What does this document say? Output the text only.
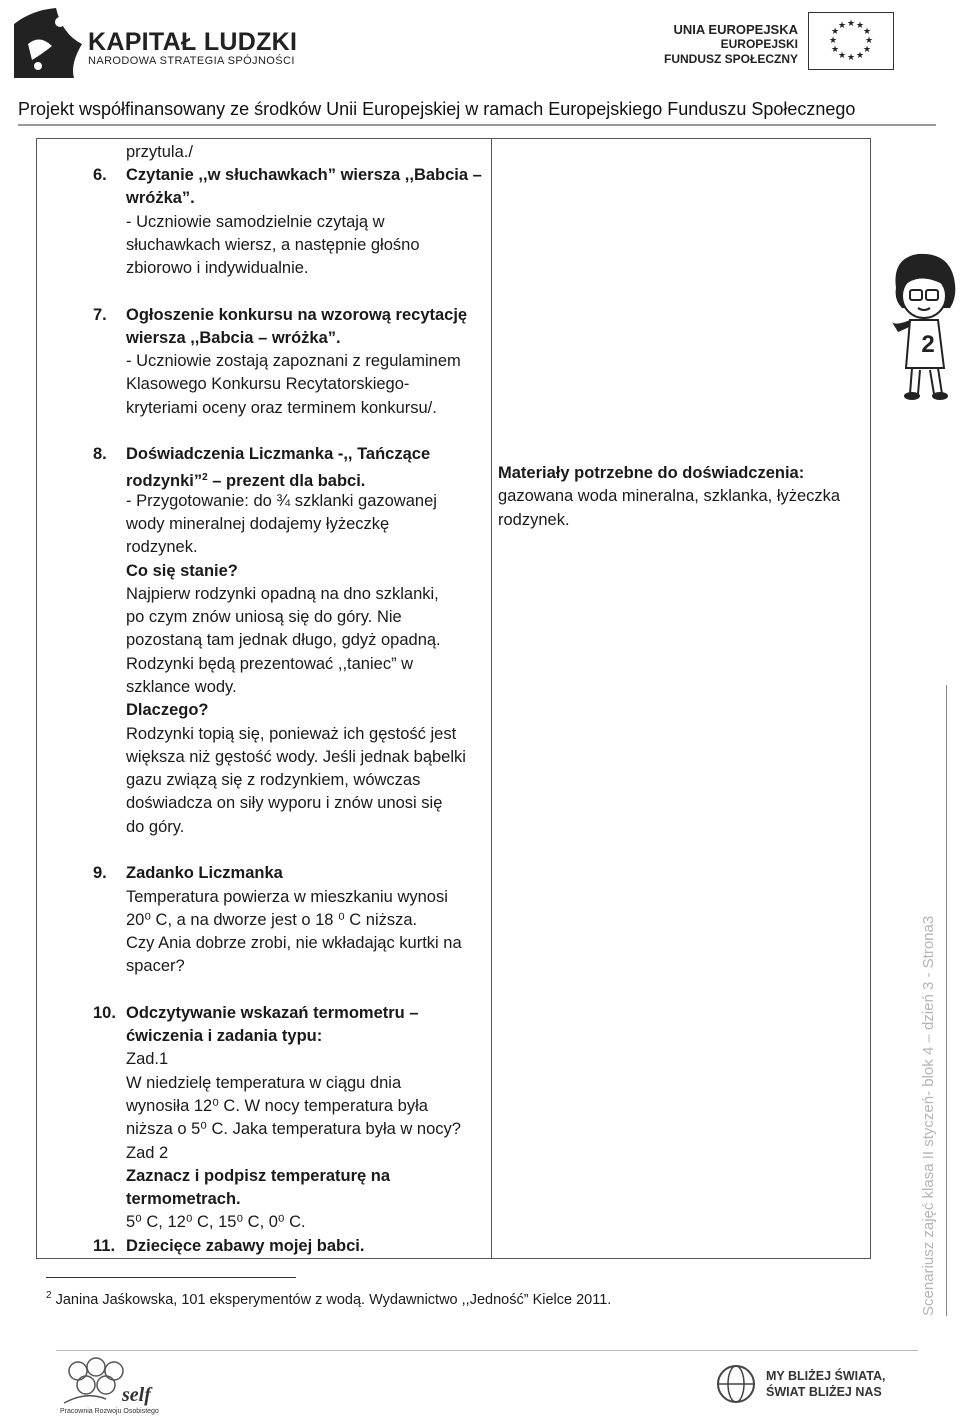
KAPITAŁ LUDZKI
NARODOWA STRATEGIA SPÓJNOŚCI
UNIA EUROPEJSKA
EUROPEJSKI
FUNDUSZ SPOŁECZNY
★ ★
★
★
★
★
★
★
★
★
★
★
Projekt współfinansowany ze środków Unii Europejskiej w ramach Europejskiego Funduszu Społecznego
przytula./
6. Czytanie ,,w słuchawkach” wiersza ,,Babcia –
wróżka”.
- Uczniowie samodzielnie czytają w
słuchawkach wiersz, a następnie głośno
zbiorowo i indywidualnie.
7. Ogłoszenie konkursu na wzorową recytację
wiersza ,,Babcia – wróżka”.
- Uczniowie zostają zapoznani z regulaminem
Klasowego Konkursu Recytatorskiego-
kryteriami oceny oraz terminem konkursu/.
8. Doświadczenia Liczmanka -,, Tańczące
rodzynki”$^2$ – prezent dla babci.
- Przygotowanie: do ¾ szklanki gazowanej
wody mineralnej dodajemy łyżeczkę
rodzynek.
Co się stanie?
Najpierw rodzynki opadną na dno szklanki,
po czym znów uniosą się do góry. Nie
pozostaną tam jednak długo, gdyż opadną.
Rodzynki będą prezentować ,,taniec” w
szklance wody.
Dlaczego?
Rodzynki topią się, ponieważ ich gęstość jest
większa niż gęstość wody. Jeśli jednak bąbelki
gazu związą się z rodzynkiem, wówczas
doświadcza on siły wyporu i znów unosi się
do góry.
9. Zadanko Liczmanka
Temperatura powierza w mieszkaniu wynosi
20⁰ C, a na dworze jest o 18 ⁰ C niższa.
Czy Ania dobrze zrobi, nie wkładając kurtki na
spacer?
10. Odczytywanie wskazań termometru –
ćwiczenia i zadania typu:
Zad.1
W niedzielę temperatura w ciągu dnia
wynosiła 12⁰ C. W nocy temperatura była
niższa o 5⁰ C. Jaka temperatura była w nocy?
Zad 2
Zaznacz i podpisz temperaturę na
termometrach.
5⁰ C, 12⁰ C, 15⁰ C, 0⁰ C.
11. Dziecięce zabawy mojej babci.
Materiały potrzebne do doświadczenia:
gazowana woda mineralna, szklanka, łyżeczka
rodzynek.
2
Scenariusz zajęć klasa II styczeń- blok 4 – dzień 3 - Strona3
$^2$ Janina Jaśkowska, 101 eksperymentów z wodą. Wydawnictwo ,,Jedność” Kielce 2011.
self
Pracownia Rozwoju Osobistego
MY BLIŻEJ ŚWIATA,
ŚWIAT BLIŻEJ NAS
